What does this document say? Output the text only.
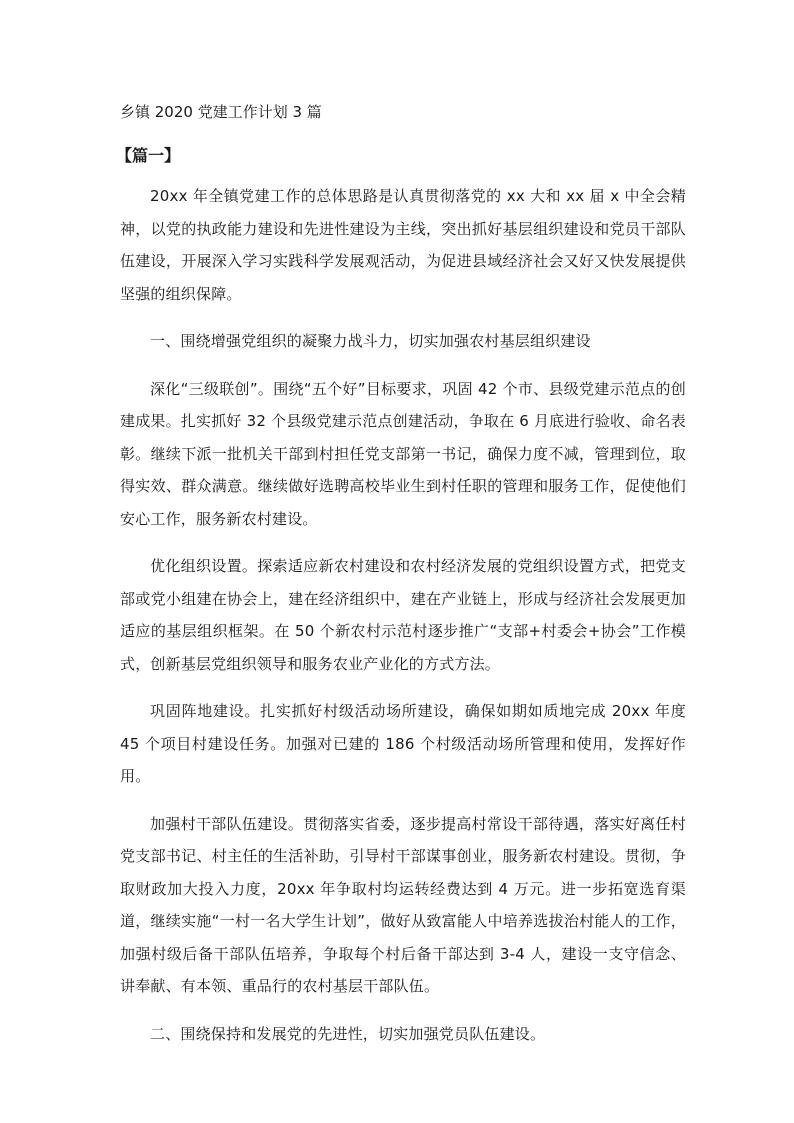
乡镇 2020 党建工作计划 3 篇
【篇一】

20xx 年全镇党建工作的总体思路是认真贯彻落党的 xx 大和 xx 届 x 中全会精神，以党的执政能力建设和先进性建设为主线，突出抓好基层组织建设和党员干部队伍建设，开展深入学习实践科学发展观活动，为促进县域经济社会又好又快发展提供坚强的组织保障。

一、围绕增强党组织的凝聚力战斗力，切实加强农村基层组织建设

深化“三级联创”。围绕“五个好”目标要求，巩固 42 个市、县级党建示范点的创建成果。扎实抓好 32 个县级党建示范点创建活动，争取在 6 月底进行验收、命名表彰。继续下派一批机关干部到村担任党支部第一书记，确保力度不减，管理到位，取得实效、群众满意。继续做好选聘高校毕业生到村任职的管理和服务工作，促使他们安心工作，服务新农村建设。

优化组织设置。探索适应新农村建设和农村经济发展的党组织设置方式，把党支部或党小组建在协会上，建在经济组织中，建在产业链上，形成与经济社会发展更加适应的基层组织框架。在 50 个新农村示范村逐步推广“支部+村委会+协会”工作模式，创新基层党组织领导和服务农业产业化的方式方法。

巩固阵地建设。扎实抓好村级活动场所建设，确保如期如质地完成 20xx 年度 45 个项目村建设任务。加强对已建的 186 个村级活动场所管理和使用，发挥好作用。

加强村干部队伍建设。贯彻落实省委，逐步提高村常设干部待遇，落实好离任村党支部书记、村主任的生活补助，引导村干部谋事创业，服务新农村建设。贯彻，争取财政加大投入力度，20xx 年争取村均运转经费达到 4 万元。进一步拓宽选育渠道，继续实施“一村一名大学生计划”，做好从致富能人中培养选拔治村能人的工作，加强村级后备干部队伍培养，争取每个村后备干部达到 3-4 人，建设一支守信念、讲奉献、有本领、重品行的农村基层干部队伍。

二、围绕保持和发展党的先进性，切实加强党员队伍建设。
